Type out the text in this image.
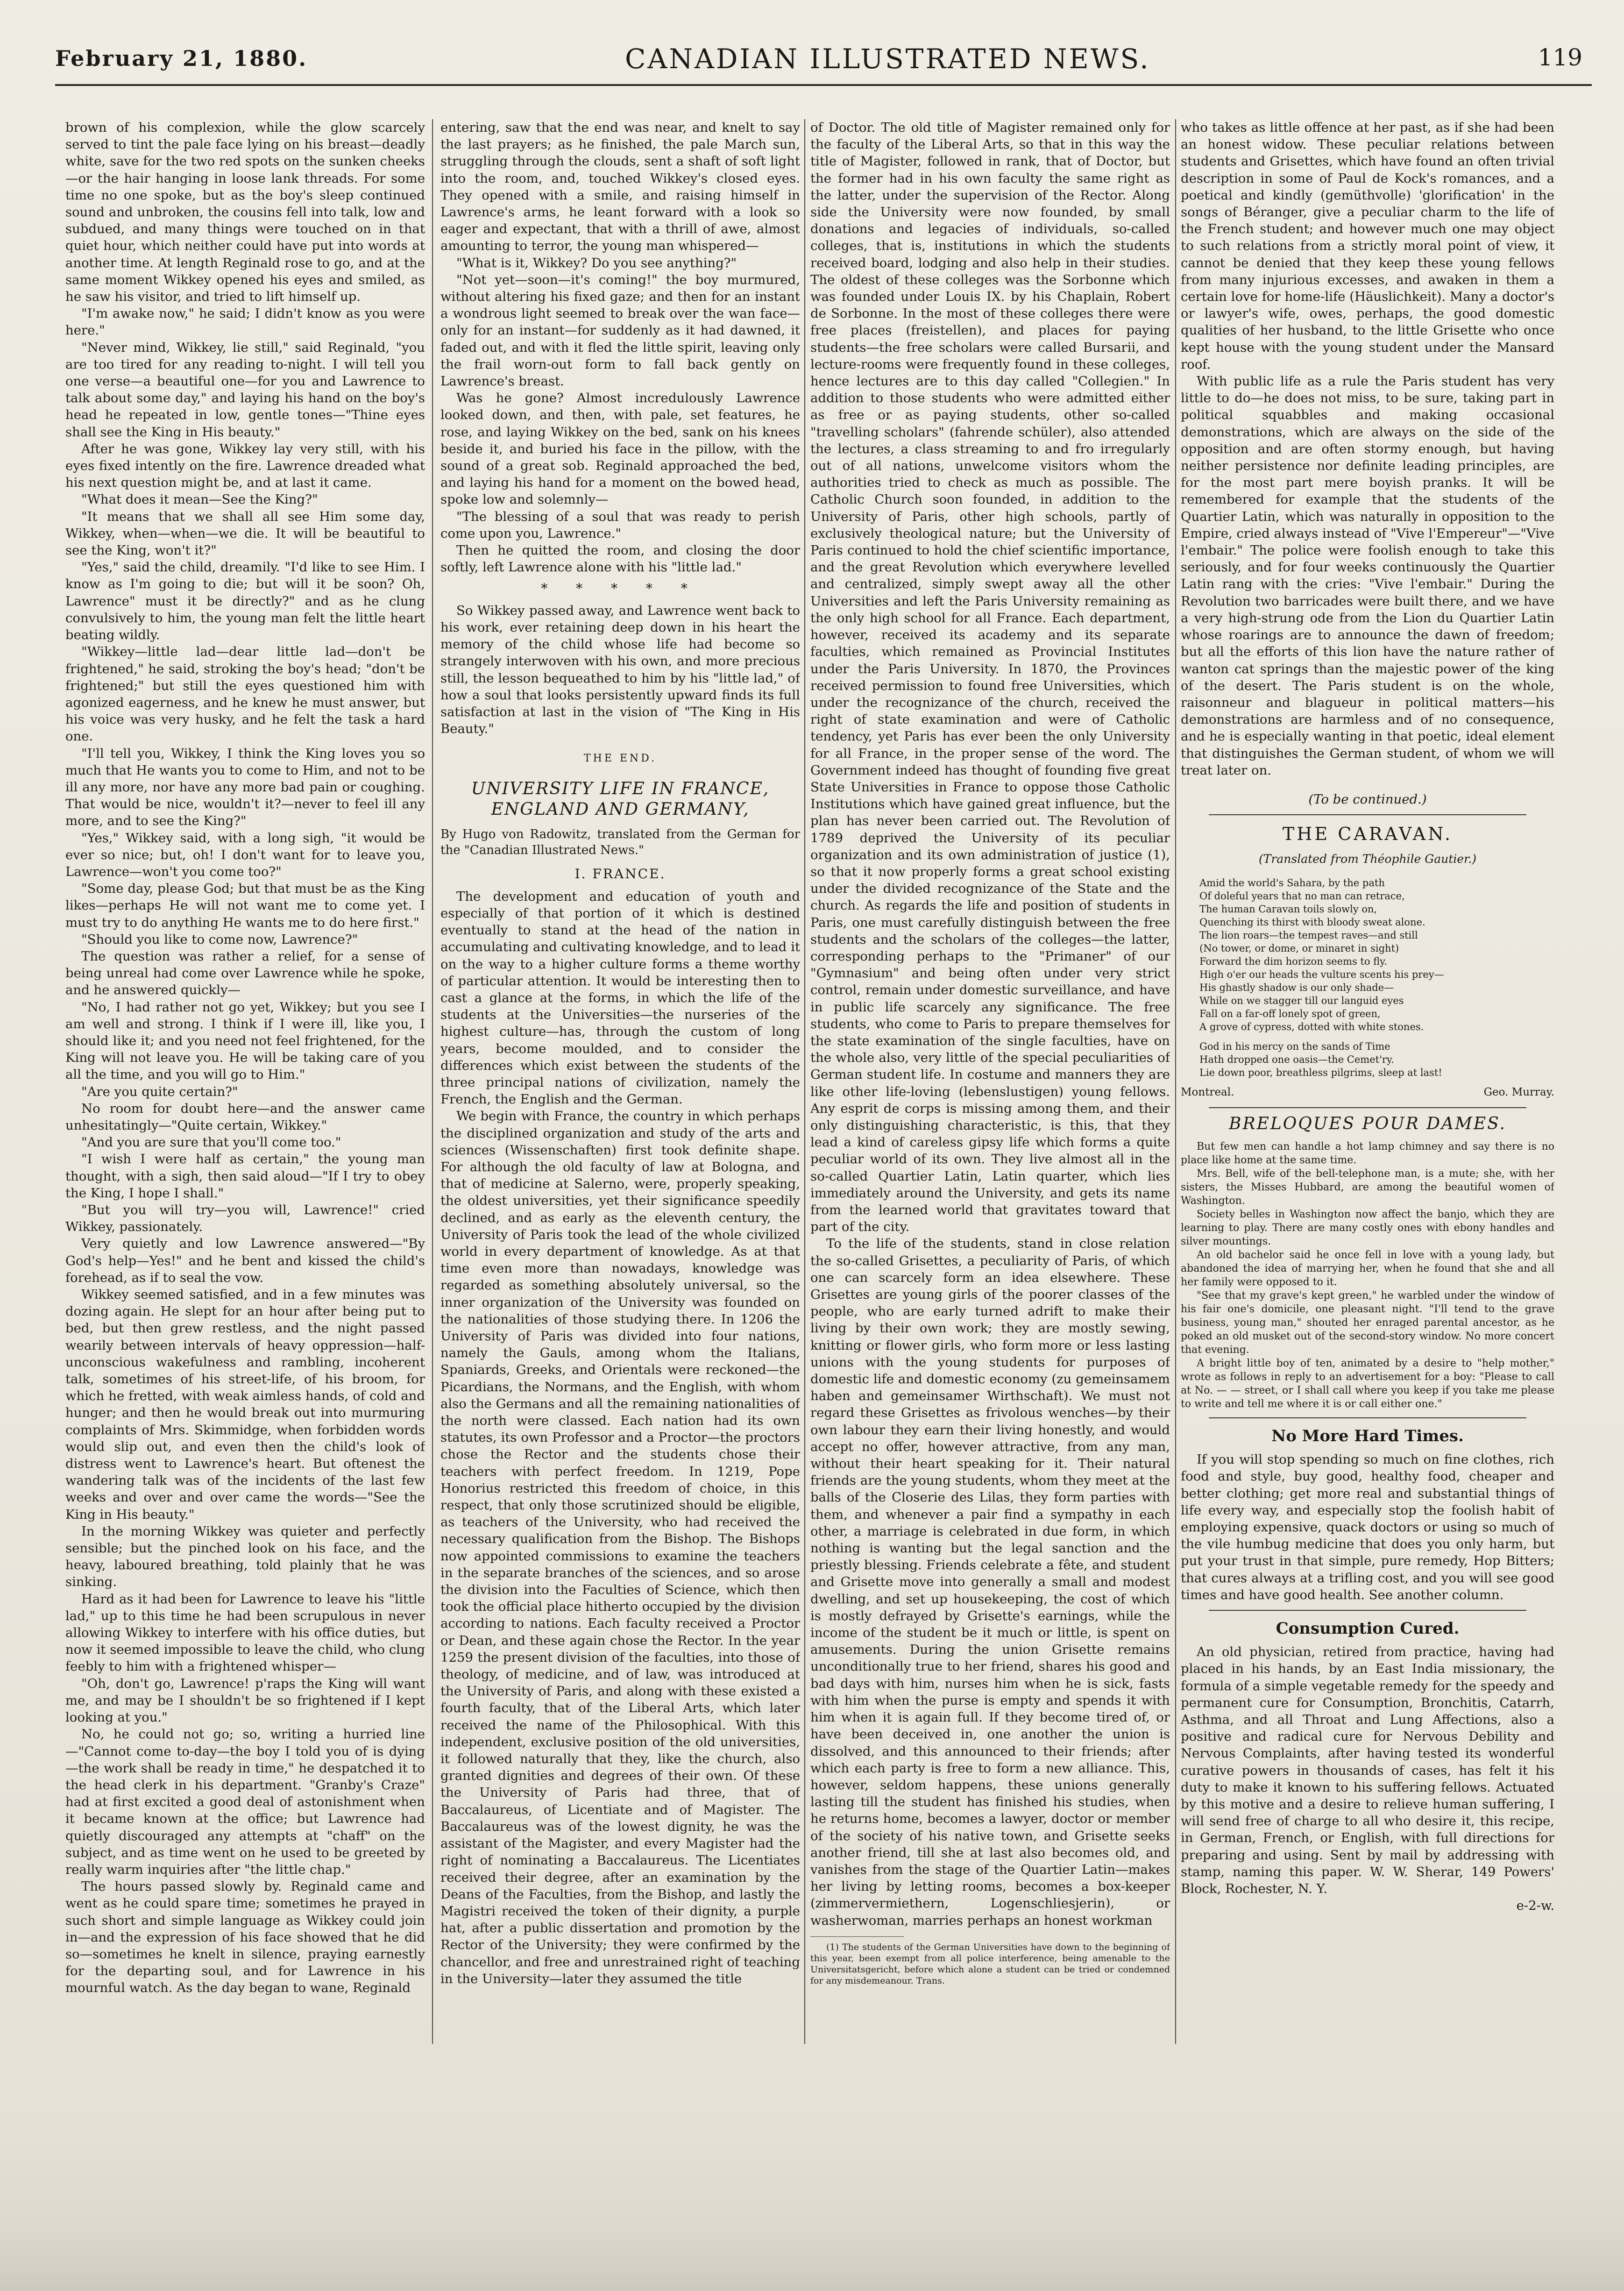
February 21, 1880.	CANADIAN ILLUSTRATED NEWS.	119

brown of his complexion, while the glow scarcely served to tint the pale face lying on his breast—deadly white, save for the two red spots on the sunken cheeks—or the hair hanging in loose lank threads. For some time no one spoke, but as the boy's sleep continued sound and unbroken, the cousins fell into talk, low and subdued, and many things were touched on in that quiet hour, which neither could have put into words at another time. At length Reginald rose to go, and at the same moment Wikkey opened his eyes and smiled, as he saw his visitor, and tried to lift himself up.

"I'm awake now," he said; I didn't know as you were here."

"Never mind, Wikkey, lie still," said Reginald, "you are too tired for any reading to-night. I will tell you one verse—a beautiful one—for you and Lawrence to talk about some day," and laying his hand on the boy's head he repeated in low, gentle tones—"Thine eyes shall see the King in His beauty."

After he was gone, Wikkey lay very still, with his eyes fixed intently on the fire. Lawrence dreaded what his next question might be, and at last it came.

"What does it mean—See the King?"

"It means that we shall all see Him some day, Wikkey, when—when—we die. It will be beautiful to see the King, won't it?"

"Yes," said the child, dreamily. "I'd like to see Him. I know as I'm going to die; but will it be soon? Oh, Lawrence" must it be directly?" and as he clung convulsively to him, the young man felt the little heart beating wildly.

"Wikkey—little lad—dear little lad—don't be frightened," he said, stroking the boy's head; "don't be frightened;" but still the eyes questioned him with agonized eagerness, and he knew he must answer, but his voice was very husky, and he felt the task a hard one.

"I'll tell you, Wikkey, I think the King loves you so much that He wants you to come to Him, and not to be ill any more, nor have any more bad pain or coughing. That would be nice, wouldn't it?—never to feel ill any more, and to see the King?"

"Yes," Wikkey said, with a long sigh, "it would be ever so nice; but, oh! I don't want for to leave you, Lawrence—won't you come too?"

"Some day, please God; but that must be as the King likes—perhaps He will not want me to come yet. I must try to do anything He wants me to do here first."

"Should you like to come now, Lawrence?"

The question was rather a relief, for a sense of being unreal had come over Lawrence while he spoke, and he answered quickly—

"No, I had rather not go yet, Wikkey; but you see I am well and strong. I think if I were ill, like you, I should like it; and you need not feel frightened, for the King will not leave you. He will be taking care of you all the time, and you will go to Him."

"Are you quite certain?"

No room for doubt here—and the answer came unhesitatingly—"Quite certain, Wikkey."

"And you are sure that you'll come too."

"I wish I were half as certain," the young man thought, with a sigh, then said aloud—"If I try to obey the King, I hope I shall."

"But you will try—you will, Lawrence!" cried Wikkey, passionately.

Very quietly and low Lawrence answered—"By God's help—Yes!" and he bent and kissed the child's forehead, as if to seal the vow.

Wikkey seemed satisfied, and in a few minutes was dozing again. He slept for an hour after being put to bed, but then grew restless, and the night passed wearily between intervals of heavy oppression—half-unconscious wakefulness and rambling, incoherent talk, sometimes of his street-life, of his broom, for which he fretted, with weak aimless hands, of cold and hunger; and then he would break out into murmuring complaints of Mrs. Skimmidge, when forbidden words would slip out, and even then the child's look of distress went to Lawrence's heart. But oftenest the wandering talk was of the incidents of the last few weeks and over and over came the words—"See the King in His beauty."

In the morning Wikkey was quieter and perfectly sensible; but the pinched look on his face, and the heavy, laboured breathing, told plainly that he was sinking.

Hard as it had been for Lawrence to leave his "little lad," up to this time he had been scrupulous in never allowing Wikkey to interfere with his office duties, but now it seemed impossible to leave the child, who clung feebly to him with a frightened whisper—

"Oh, don't go, Lawrence! p'raps the King will want me, and may be I shouldn't be so frightened if I kept looking at you."

No, he could not go; so, writing a hurried line—"Cannot come to-day—the boy I told you of is dying—the work shall be ready in time," he despatched it to the head clerk in his department. "Granby's Craze" had at first excited a good deal of astonishment when it became known at the office; but Lawrence had quietly discouraged any attempts at "chaff" on the subject, and as time went on he used to be greeted by really warm inquiries after "the little chap."

The hours passed slowly by. Reginald came and went as he could spare time; sometimes he prayed in such short and simple language as Wikkey could join in—and the expression of his face showed that he did so—sometimes he knelt in silence, praying earnestly for the departing soul, and for Lawrence in his mournful watch. As the day began to wane, Reginald

entering, saw that the end was near, and knelt to say the last prayers; as he finished, the pale March sun, struggling through the clouds, sent a shaft of soft light into the room, and, touched Wikkey's closed eyes. They opened with a smile, and raising himself in Lawrence's arms, he leant forward with a look so eager and expectant, that with a thrill of awe, almost amounting to terror, the young man whispered—

"What is it, Wikkey? Do you see anything?"

"Not yet—soon—it's coming!" the boy murmured, without altering his fixed gaze; and then for an instant a wondrous light seemed to break over the wan face—only for an instant—for suddenly as it had dawned, it faded out, and with it fled the little spirit, leaving only the frail worn-out form to fall back gently on Lawrence's breast.

Was he gone? Almost incredulously Lawrence looked down, and then, with pale, set features, he rose, and laying Wikkey on the bed, sank on his knees beside it, and buried his face in the pillow, with the sound of a great sob. Reginald approached the bed, and laying his hand for a moment on the bowed head, spoke low and solemnly—

"The blessing of a soul that was ready to perish come upon you, Lawrence."

Then he quitted the room, and closing the door softly, left Lawrence alone with his "little lad."

* * * * *

So Wikkey passed away, and Lawrence went back to his work, ever retaining deep down in his heart the memory of the child whose life had become so strangely interwoven with his own, and more precious still, the lesson bequeathed to him by his "little lad," of how a soul that looks persistently upward finds its full satisfaction at last in the vision of "The King in His Beauty."

THE END.
UNIVERSITY LIFE IN FRANCE, ENGLAND AND GERMANY,

By Hugo von Radowitz, translated from the German for the "Canadian Illustrated News."

I. FRANCE.

The development and education of youth and especially of that portion of it which is destined eventually to stand at the head of the nation in accumulating and cultivating knowledge, and to lead it on the way to a higher culture forms a theme worthy of particular attention. It would be interesting then to cast a glance at the forms, in which the life of the students at the Universities—the nurseries of the highest culture—has, through the custom of long years, become moulded, and to consider the differences which exist between the students of the three principal nations of civilization, namely the French, the English and the German.

We begin with France, the country in which perhaps the disciplined organization and study of the arts and sciences (Wissenschaften) first took definite shape. For although the old faculty of law at Bologna, and that of medicine at Salerno, were, properly speaking, the oldest universities, yet their significance speedily declined, and as early as the eleventh century, the University of Paris took the lead of the whole civilized world in every department of knowledge. As at that time even more than nowadays, knowledge was regarded as something absolutely universal, so the inner organization of the University was founded on the nationalities of those studying there. In 1206 the University of Paris was divided into four nations, namely the Gauls, among whom the Italians, Spaniards, Greeks, and Orientals were reckoned—the Picardians, the Normans, and the English, with whom also the Germans and all the remaining nationalities of the north were classed. Each nation had its own statutes, its own Professor and a Proctor—the proctors chose the Rector and the students chose their teachers with perfect freedom. In 1219, Pope Honorius restricted this freedom of choice, in this respect, that only those scrutinized should be eligible, as teachers of the University, who had received the necessary qualification from the Bishop. The Bishops now appointed commissions to examine the teachers in the separate branches of the sciences, and so arose the division into the Faculties of Science, which then took the official place hitherto occupied by the division according to nations. Each faculty received a Proctor or Dean, and these again chose the Rector. In the year 1259 the present division of the faculties, into those of theology, of medicine, and of law, was introduced at the University of Paris, and along with these existed a fourth faculty, that of the Liberal Arts, which later received the name of the Philosophical. With this independent, exclusive position of the old universities, it followed naturally that they, like the church, also granted dignities and degrees of their own. Of these the University of Paris had three, that of Baccalaureus, of Licentiate and of Magister. The Baccalaureus was of the lowest dignity, he was the assistant of the Magister, and every Magister had the right of nominating a Baccalaureus. The Licentiates received their degree, after an examination by the Deans of the Faculties, from the Bishop, and lastly the Magistri received the token of their dignity, a purple hat, after a public dissertation and promotion by the Rector of the University; they were confirmed by the chancellor, and free and unrestrained right of teaching in the University—later they assumed the title

of Doctor. The old title of Magister remained only for the faculty of the Liberal Arts, so that in this way the title of Magister, followed in rank, that of Doctor, but the former had in his own faculty the same right as the latter, under the supervision of the Rector. Along side the University were now founded, by small donations and legacies of individuals, so-called colleges, that is, institutions in which the students received board, lodging and also help in their studies. The oldest of these colleges was the Sorbonne which was founded under Louis IX. by his Chaplain, Robert de Sorbonne. In the most of these colleges there were free places (freistellen), and places for paying students—the free scholars were called Bursarii, and lecture-rooms were frequently found in these colleges, hence lectures are to this day called "Collegien." In addition to those students who were admitted either as free or as paying students, other so-called "travelling scholars" (fahrende schüler), also attended the lectures, a class streaming to and fro irregularly out of all nations, unwelcome visitors whom the authorities tried to check as much as possible. The Catholic Church soon founded, in addition to the University of Paris, other high schools, partly of exclusively theological nature; but the University of Paris continued to hold the chief scientific importance, and the great Revolution which everywhere levelled and centralized, simply swept away all the other Universities and left the Paris University remaining as the only high school for all France. Each department, however, received its academy and its separate faculties, which remained as Provincial Institutes under the Paris University. In 1870, the Provinces received permission to found free Universities, which under the recognizance of the church, received the right of state examination and were of Catholic tendency, yet Paris has ever been the only University for all France, in the proper sense of the word. The Government indeed has thought of founding five great State Universities in France to oppose those Catholic Institutions which have gained great influence, but the plan has never been carried out. The Revolution of 1789 deprived the University of its peculiar organization and its own administration of justice (1), so that it now properly forms a great school existing under the divided recognizance of the State and the church. As regards the life and position of students in Paris, one must carefully distinguish between the free students and the scholars of the colleges—the latter, corresponding perhaps to the "Primaner" of our "Gymnasium" and being often under very strict control, remain under domestic surveillance, and have in public life scarcely any significance. The free students, who come to Paris to prepare themselves for the state examination of the single faculties, have on the whole also, very little of the special peculiarities of German student life. In costume and manners they are like other life-loving (lebenslustigen) young fellows. Any esprit de corps is missing among them, and their only distinguishing characteristic, is this, that they lead a kind of careless gipsy life which forms a quite peculiar world of its own. They live almost all in the so-called Quartier Latin, Latin quarter, which lies immediately around the University, and gets its name from the learned world that gravitates toward that part of the city.

To the life of the students, stand in close relation the so-called Grisettes, a peculiarity of Paris, of which one can scarcely form an idea elsewhere. These Grisettes are young girls of the poorer classes of the people, who are early turned adrift to make their living by their own work; they are mostly sewing, knitting or flower girls, who form more or less lasting unions with the young students for purposes of domestic life and domestic economy (zu gemeinsamem haben and gemeinsamer Wirthschaft). We must not regard these Grisettes as frivolous wenches—by their own labour they earn their living honestly, and would accept no offer, however attractive, from any man, without their heart speaking for it. Their natural friends are the young students, whom they meet at the balls of the Closerie des Lilas, they form parties with them, and whenever a pair find a sympathy in each other, a marriage is celebrated in due form, in which nothing is wanting but the legal sanction and the priestly blessing. Friends celebrate a fête, and student and Grisette move into generally a small and modest dwelling, and set up housekeeping, the cost of which is mostly defrayed by Grisette's earnings, while the income of the student be it much or little, is spent on amusements. During the union Grisette remains unconditionally true to her friend, shares his good and bad days with him, nurses him when he is sick, fasts with him when the purse is empty and spends it with him when it is again full. If they become tired of, or have been deceived in, one another the union is dissolved, and this announced to their friends; after which each party is free to form a new alliance. This, however, seldom happens, these unions generally lasting till the student has finished his studies, when he returns home, becomes a lawyer, doctor or member of the society of his native town, and Grisette seeks another friend, till she at last also becomes old, and vanishes from the stage of the Quartier Latin—makes her living by letting rooms, becomes a box-keeper (zimmervermiethern, Logenschliesjerin), or washerwoman, marries perhaps an honest workman

(1) The students of the German Universities have down to the beginning of this year, been exempt from all police interference, being amenable to the Universitatsgericht, before which alone a student can be tried or condemned for any misdemeanour. Trans.

who takes as little offence at her past, as if she had been an honest widow. These peculiar relations between students and Grisettes, which have found an often trivial description in some of Paul de Kock's romances, and a poetical and kindly (gemüthvolle) 'glorification' in the songs of Béranger, give a peculiar charm to the life of the French student; and however much one may object to such relations from a strictly moral point of view, it cannot be denied that they keep these young fellows from many injurious excesses, and awaken in them a certain love for home-life (Häuslichkeit). Many a doctor's or lawyer's wife, owes, perhaps, the good domestic qualities of her husband, to the little Grisette who once kept house with the young student under the Mansard roof.

With public life as a rule the Paris student has very little to do—he does not miss, to be sure, taking part in political squabbles and making occasional demonstrations, which are always on the side of the opposition and are often stormy enough, but having neither persistence nor definite leading principles, are for the most part mere boyish pranks. It will be remembered for example that the students of the Quartier Latin, which was naturally in opposition to the Empire, cried always instead of "Vive l'Empereur"—"Vive l'embair." The police were foolish enough to take this seriously, and for four weeks continuously the Quartier Latin rang with the cries: "Vive l'embair." During the Revolution two barricades were built there, and we have a very high-strung ode from the Lion du Quartier Latin whose roarings are to announce the dawn of freedom; but all the efforts of this lion have the nature rather of wanton cat springs than the majestic power of the king of the desert. The Paris student is on the whole, raisonneur and blagueur in political matters—his demonstrations are harmless and of no consequence, and he is especially wanting in that poetic, ideal element that distinguishes the German student, of whom we will treat later on.

(To be continued.)
THE CARAVAN.
(Translated from Théophile Gautier.)

Amid the world's Sahara, by the path

Of doleful years that no man can retrace,

The human Caravan toils slowly on,

Quenching its thirst with bloody sweat alone.

The lion roars—the tempest raves—and still

(No tower, or dome, or minaret in sight)

Forward the dim horizon seems to fly.

High o'er our heads the vulture scents his prey—

His ghastly shadow is our only shade—

While on we stagger till our languid eyes

Fall on a far-off lonely spot of green,

A grove of cypress, dotted with white stones.

God in his mercy on the sands of Time

Hath dropped one oasis—the Cemet'ry.

Lie down poor, breathless pilgrims, sleep at last!

Montreal.	Geo. Murray.
BRELOQUES POUR DAMES.

But few men can handle a hot lamp chimney and say there is no place like home at the same time.

Mrs. Bell, wife of the bell-telephone man, is a mute; she, with her sisters, the Misses Hubbard, are among the beautiful women of Washington.

Society belles in Washington now affect the banjo, which they are learning to play. There are many costly ones with ebony handles and silver mountings.

An old bachelor said he once fell in love with a young lady, but abandoned the idea of marrying her, when he found that she and all her family were opposed to it.

"See that my grave's kept green," he warbled under the window of his fair one's domicile, one pleasant night. "I'll tend to the grave business, young man," shouted her enraged parental ancestor, as he poked an old musket out of the second-story window. No more concert that evening.

A bright little boy of ten, animated by a desire to "help mother," wrote as follows in reply to an advertisement for a boy: "Please to call at No. — — street, or I shall call where you keep if you take me please to write and tell me where it is or call either one."

No More Hard Times.

If you will stop spending so much on fine clothes, rich food and style, buy good, healthy food, cheaper and better clothing; get more real and substantial things of life every way, and especially stop the foolish habit of employing expensive, quack doctors or using so much of the vile humbug medicine that does you only harm, but put your trust in that simple, pure remedy, Hop Bitters; that cures always at a trifling cost, and you will see good times and have good health. See another column.

Consumption Cured.

An old physician, retired from practice, having had placed in his hands, by an East India missionary, the formula of a simple vegetable remedy for the speedy and permanent cure for Consumption, Bronchitis, Catarrh, Asthma, and all Throat and Lung Affections, also a positive and radical cure for Nervous Debility and Nervous Complaints, after having tested its wonderful curative powers in thousands of cases, has felt it his duty to make it known to his suffering fellows. Actuated by this motive and a desire to relieve human suffering, I will send free of charge to all who desire it, this recipe, in German, French, or English, with full directions for preparing and using. Sent by mail by addressing with stamp, naming this paper. W. W. Sherar, 149 Powers' Block, Rochester, N. Y.

e-2-w.
